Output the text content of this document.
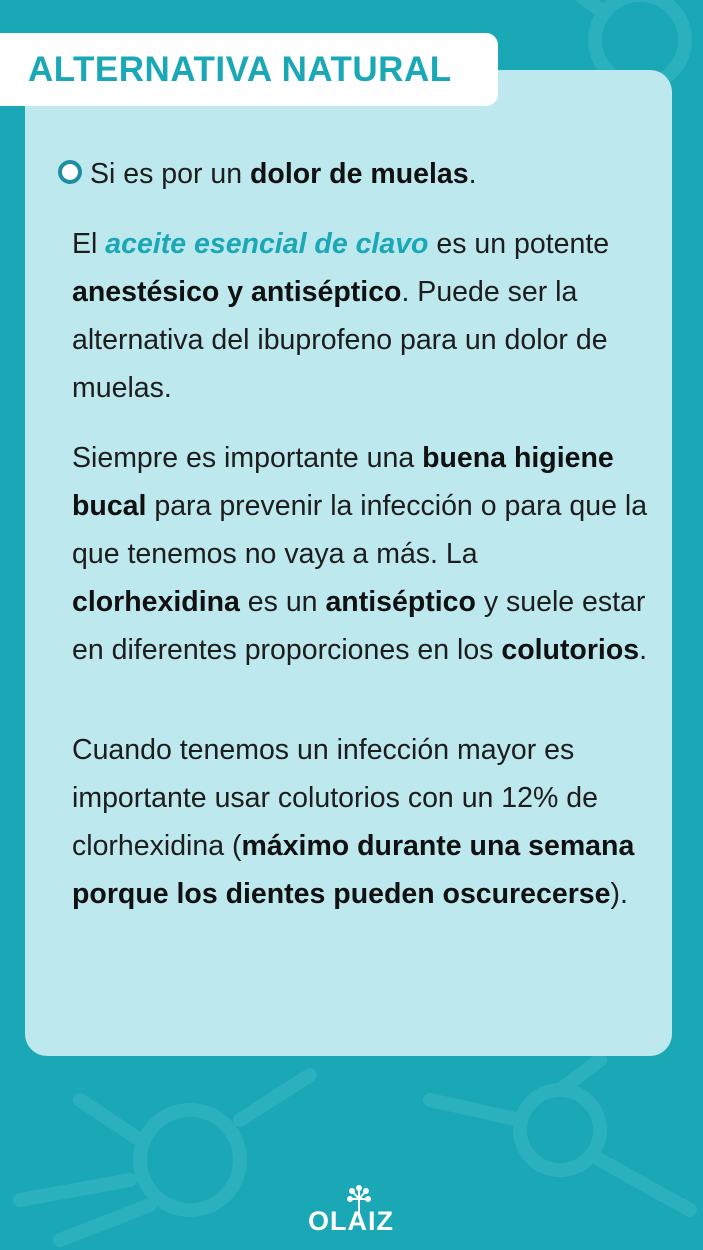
ALTERNATIVA NATURAL

Si es por un dolor de muelas.

El aceite esencial de clavo es un potente anestésico y antiséptico. Puede ser la alternativa del ibuprofeno para un dolor de muelas.

Siempre es importante una buena higiene bucal para prevenir la infección o para que la que tenemos no vaya a más. La clorhexidina es un antiséptico y suele estar en diferentes proporciones en los colutorios.

Cuando tenemos un infección mayor es importante usar colutorios con un 12% de clorhexidina (máximo durante una semana porque los dientes pueden oscurecerse).

OLAIZ
